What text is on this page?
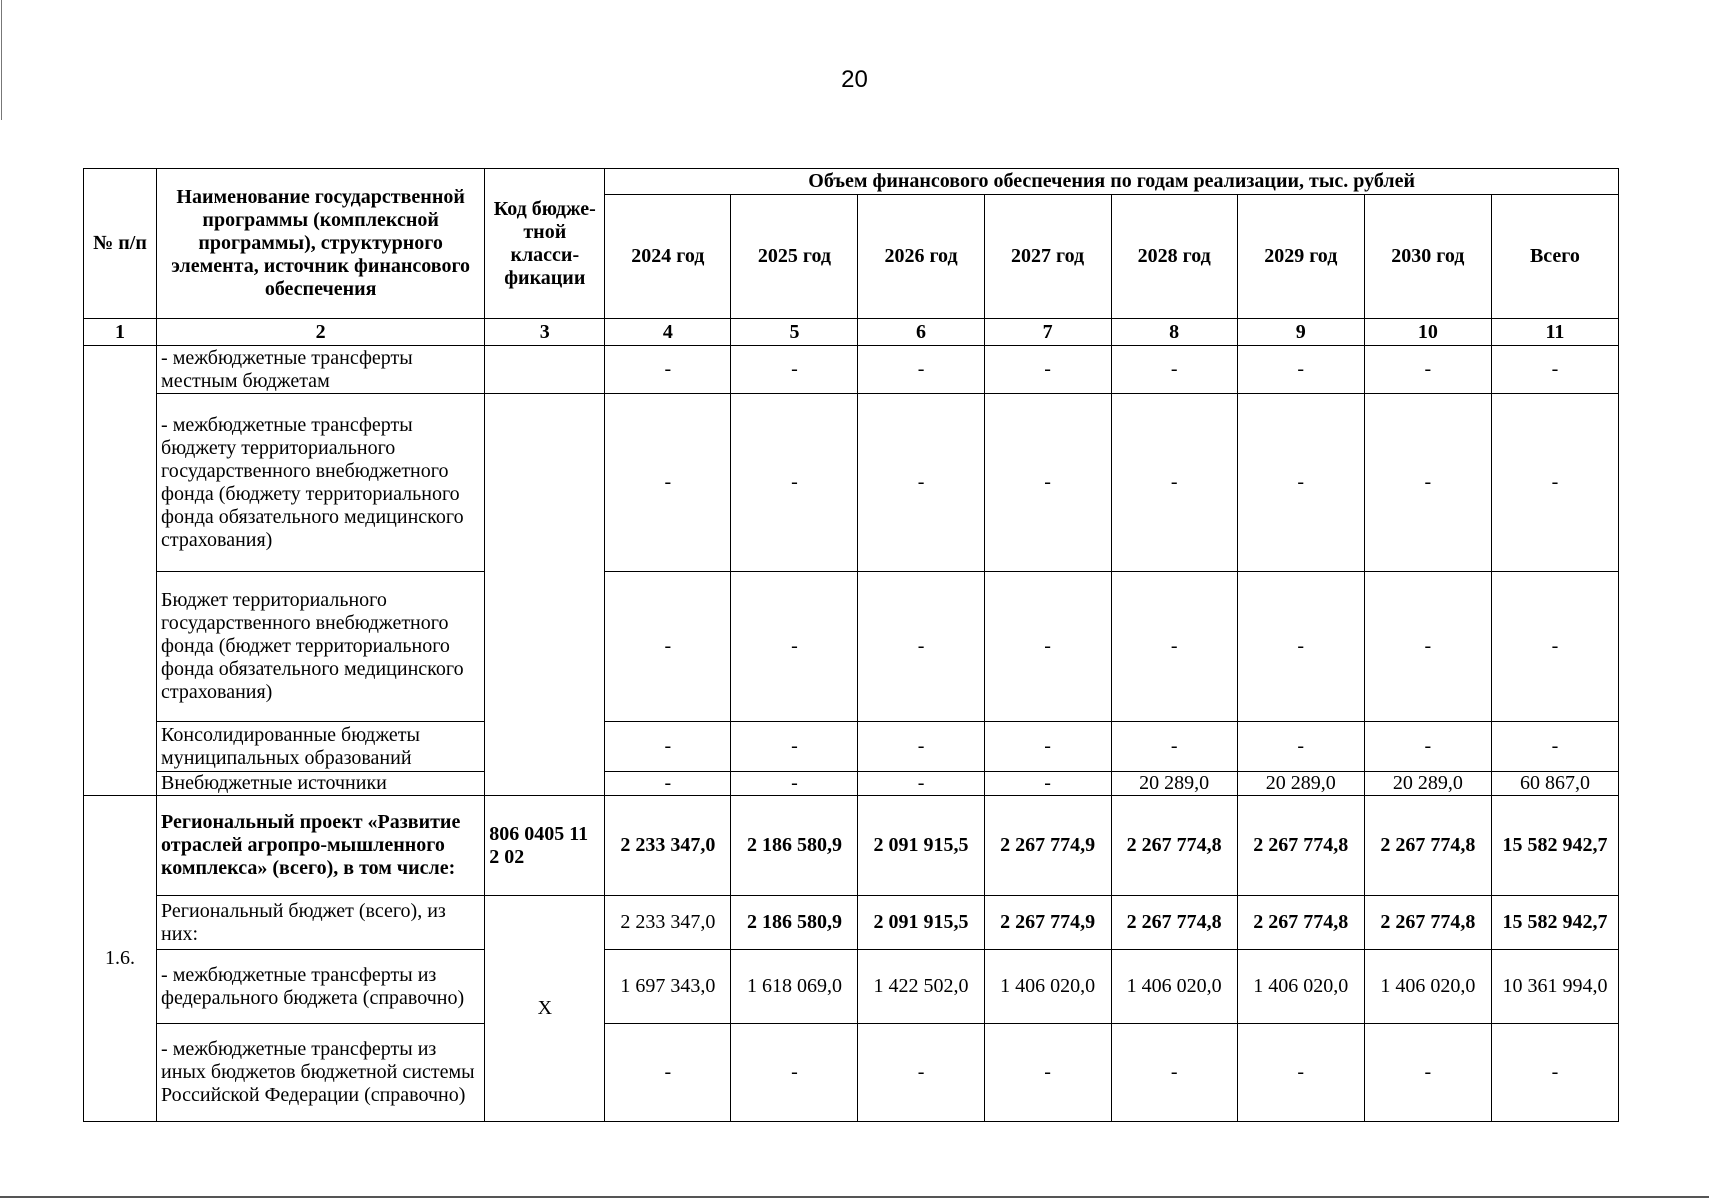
20
№ п/п	Наименование государственной программы (комплексной программы), структурного элемента, источник финансового обеспечения	Код бюдже-тной класси-фикации	Объем финансового обеспечения по годам реализации, тыс. рублей							
			2024 год	2025 год	2026 год	2027 год	2028 год	2029 год	2030 год	Всего
1	2	3	4	5	6	7	8	9	10	11
	- межбюджетные трансферты местным бюджетам		-	-	-	-	-	-	-	-
	- межбюджетные трансферты бюджету территориального государственного внебюджетного фонда (бюджету территориального фонда обязательного медицинского страхования)		-	-	-	-	-	-	-	-
	Бюджет территориального государственного внебюджетного фонда (бюджет территориального фонда обязательного медицинского страхования)		-	-	-	-	-	-	-	-
	Консолидированные бюджеты муниципальных образований		-	-	-	-	-	-	-	-
	Внебюджетные источники		-	-	-	-	20 289,0	20 289,0	20 289,0	60 867,0
1.6.	Региональный проект «Развитие отраслей агропро-мышленного комплекса» (всего), в том числе:	806 0405 11 2 02	2 233 347,0	2 186 580,9	2 091 915,5	2 267 774,9	2 267 774,8	2 267 774,8	2 267 774,8	15 582 942,7
	Региональный бюджет (всего), из них:	X	2 233 347,0	2 186 580,9	2 091 915,5	2 267 774,9	2 267 774,8	2 267 774,8	2 267 774,8	15 582 942,7
	- межбюджетные трансферты из федерального бюджета (справочно)		1 697 343,0	1 618 069,0	1 422 502,0	1 406 020,0	1 406 020,0	1 406 020,0	1 406 020,0	10 361 994,0
	- межбюджетные трансферты из иных бюджетов бюджетной системы Российской Федерации (справочно)		-	-	-	-	-	-	-	-
